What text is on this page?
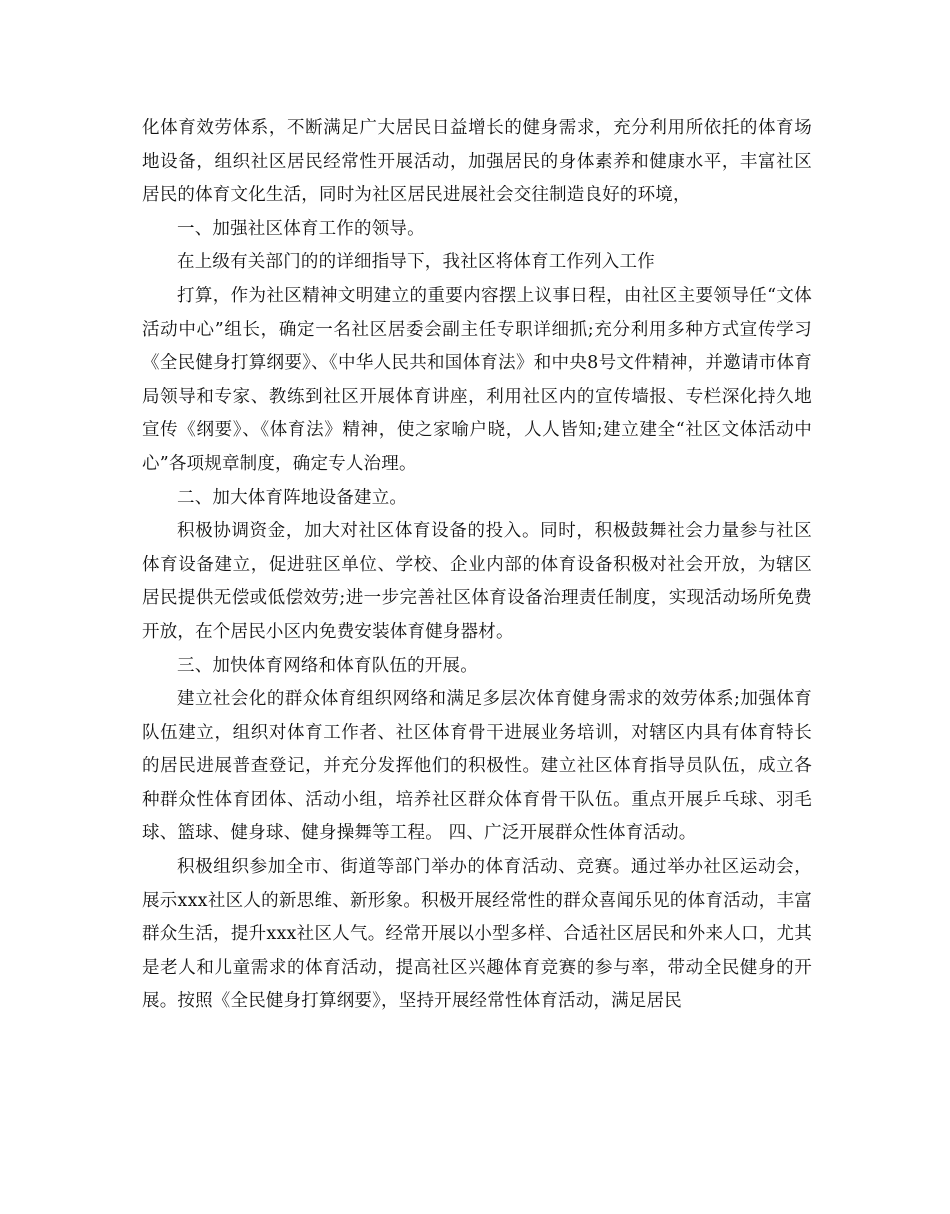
化体育效劳体系，不断满足广大居民日益增长的健身需求，充分利用所依托的体育场地设备，组织社区居民经常性开展活动，加强居民的身体素养和健康水平，丰富社区居民的体育文化生活，同时为社区居民进展社会交往制造良好的环境，

一、加强社区体育工作的领导。

在上级有关部门的的详细指导下，我社区将体育工作列入工作

打算，作为社区精神文明建立的重要内容摆上议事日程，由社区主要领导任“文体活动中心”组长，确定一名社区居委会副主任专职详细抓;充分利用多种方式宣传学习《全民健身打算纲要》、《中华人民共和国体育法》和中央8号文件精神，并邀请市体育局领导和专家、教练到社区开展体育讲座，利用社区内的宣传墙报、专栏深化持久地宣传《纲要》、《体育法》精神，使之家喻户晓，人人皆知;建立建全“社区文体活动中心”各项规章制度，确定专人治理。

二、加大体育阵地设备建立。

积极协调资金，加大对社区体育设备的投入。同时，积极鼓舞社会力量参与社区体育设备建立，促进驻区单位、学校、企业内部的体育设备积极对社会开放，为辖区居民提供无偿或低偿效劳;进一步完善社区体育设备治理责任制度，实现活动场所免费开放，在个居民小区内免费安装体育健身器材。

三、加快体育网络和体育队伍的开展。

建立社会化的群众体育组织网络和满足多层次体育健身需求的效劳体系;加强体育队伍建立，组织对体育工作者、社区体育骨干进展业务培训，对辖区内具有体育特长的居民进展普查登记，并充分发挥他们的积极性。建立社区体育指导员队伍，成立各种群众性体育团体、活动小组，培养社区群众体育骨干队伍。重点开展乒乓球、羽毛球、篮球、健身球、健身操舞等工程。 四、广泛开展群众性体育活动。

积极组织参加全市、街道等部门举办的体育活动、竞赛。通过举办社区运动会，展示xxx社区人的新思维、新形象。积极开展经常性的群众喜闻乐见的体育活动，丰富群众生活，提升xxx社区人气。经常开展以小型多样、合适社区居民和外来人口，尤其是老人和儿童需求的体育活动，提高社区兴趣体育竞赛的参与率，带动全民健身的开展。按照《全民健身打算纲要》，坚持开展经常性体育活动，满足居民
